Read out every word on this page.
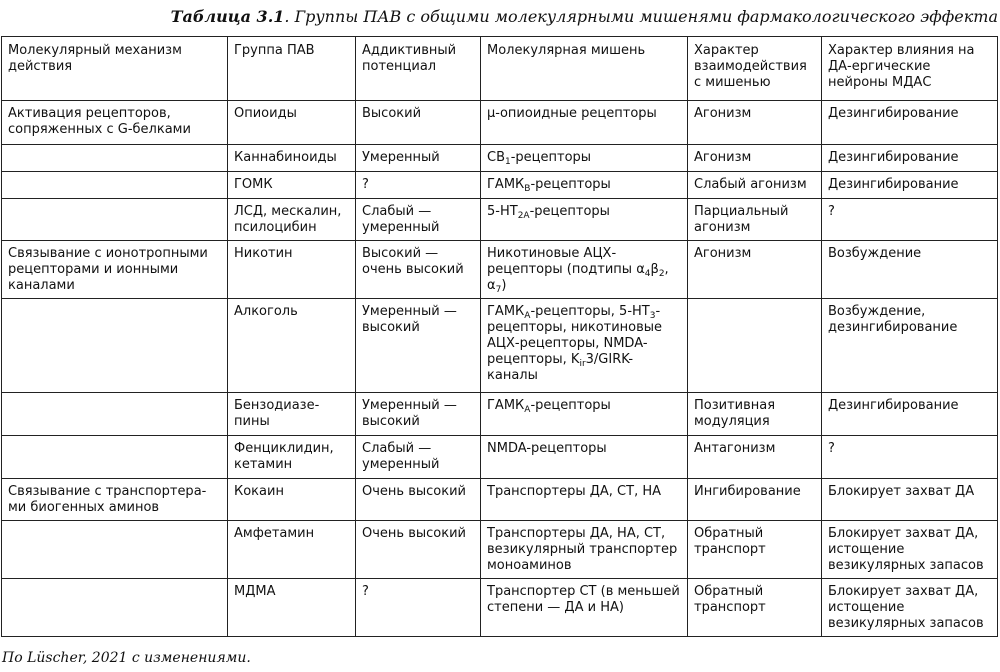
Таблица 3.1. Группы ПАВ с общими молекулярными мишенями фармакологического эффекта
Молекулярный механизм действия	Группа ПАВ	Аддиктивный потенциал	Молекулярная мишень	Характер взаимодействия с мишенью	Характер влияния на ДА-ергические нейроны МДАС
Активация рецепторов, сопряженных с G-белками	Опиоиды	Высокий	μ-опиоидные рецепторы	Агонизм	Дезингибирование
	Каннабиноиды	Умеренный	$CB_1$-рецепторы	Агонизм	Дезингибирование
	ГОМК	?	$ГАМК_B$-рецепторы	Слабый агонизм	Дезингибирование
	ЛСД, мескалин, псилоцибин	Слабый — умеренный	$5-HT_{2A}$-рецепторы	Парциальный агонизм	?
Связывание с ионотропными рецепторами и ионными каналами	Никотин	Высокий — очень высокий	Никотиновые АЦХ-рецепторы (подтипы $\alpha_4\beta_2$, $\alpha_7$)	Агонизм	Возбуждение
	Алкоголь	Умеренный — высокий	$ГАМК_A$-рецепторы, $5-HT_3$-рецепторы, никотиновые АЦХ-рецепторы, NMDA-рецепторы, $K_{ir}3/GIRK$-каналы		Возбуждение, дезингибирование
	Бензодиазе-пины	Умеренный — высокий	$ГАМК_A$-рецепторы	Позитивная модуляция	Дезингибирование
	Фенциклидин, кетамин	Слабый — умеренный	NMDA-рецепторы	Антагонизм	?
Связывание с транспортера-ми биогенных аминов	Кокаин	Очень высокий	Транспортеры ДА, СТ, НА	Ингибирование	Блокирует захват ДА
	Амфетамин	Очень высокий	Транспортеры ДА, НА, СТ, везикулярный транспортер моноаминов	Обратный транспорт	Блокирует захват ДА, истощение везикулярных запасов
	МДМА	?	Транспортер СТ (в меньшей степени — ДА и НА)	Обратный транспорт	Блокирует захват ДА, истощение везикулярных запасов
По Lüscher, 2021 с изменениями.
